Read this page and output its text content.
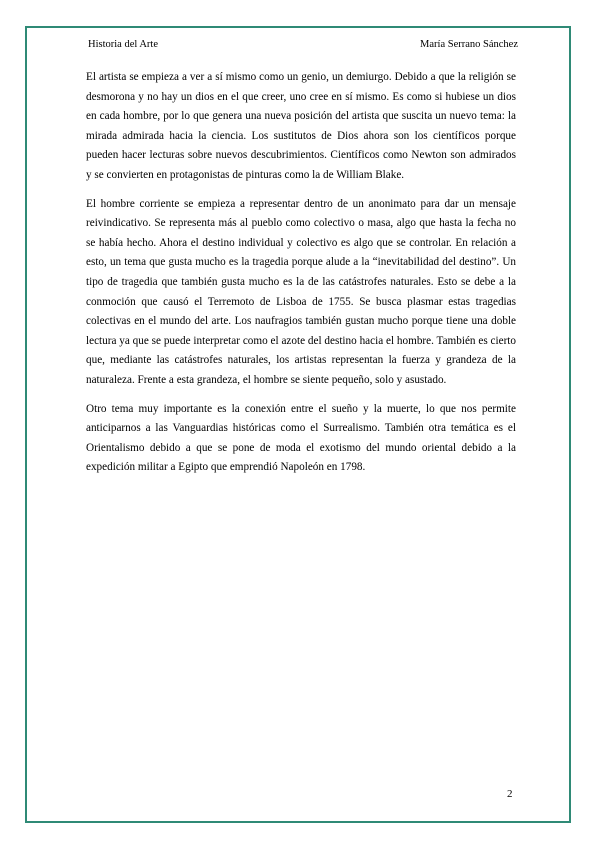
Historia del Arte	María Serrano Sánchez

El artista se empieza a ver a sí mismo como un genio, un demiurgo. Debido a que la religión se desmorona y no hay un dios en el que creer, uno cree en sí mismo. Es como si hubiese un dios en cada hombre, por lo que genera una nueva posición del artista que suscita un nuevo tema: la mirada admirada hacia la ciencia. Los sustitutos de Dios ahora son los científicos porque pueden hacer lecturas sobre nuevos descubrimientos. Científicos como Newton son admirados y se convierten en protagonistas de pinturas como la de William Blake.

El hombre corriente se empieza a representar dentro de un anonimato para dar un mensaje reivindicativo. Se representa más al pueblo como colectivo o masa, algo que hasta la fecha no se había hecho. Ahora el destino individual y colectivo es algo que se controlar. En relación a esto, un tema que gusta mucho es la tragedia porque alude a la “inevitabilidad del destino”. Un tipo de tragedia que también gusta mucho es la de las catástrofes naturales. Esto se debe a la conmoción que causó el Terremoto de Lisboa de 1755. Se busca plasmar estas tragedias colectivas en el mundo del arte. Los naufragios también gustan mucho porque tiene una doble lectura ya que se puede interpretar como el azote del destino hacia el hombre. También es cierto que, mediante las catástrofes naturales, los artistas representan la fuerza y grandeza de la naturaleza. Frente a esta grandeza, el hombre se siente pequeño, solo y asustado.

Otro tema muy importante es la conexión entre el sueño y la muerte, lo que nos permite anticiparnos a las Vanguardias históricas como el Surrealismo. También otra temática es el Orientalismo debido a que se pone de moda el exotismo del mundo oriental debido a la expedición militar a Egipto que emprendió Napoleón en 1798.

2
